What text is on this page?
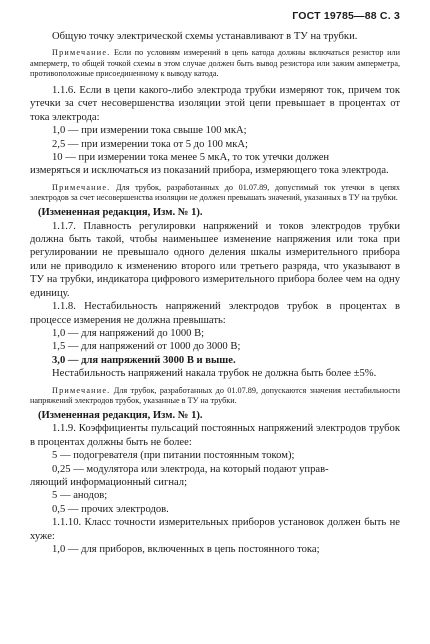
ГОСТ 19785—88 С. 3

Общую точку электрической схемы устанавливают в ТУ на трубки.

Примечание. Если по условиям измерений в цепь катода должны включаться резистор или амперметр, то общей точкой схемы в этом случае должен быть вывод резистора или зажим амперметра, противоположные присоединенному к выводу катода.

1.1.6. Если в цепи какого-либо электрода трубки измеряют ток, причем ток утечки за счет несовершенства изоляции этой цепи превышает в процентах от тока электрода:

1,0 — при измерении тока свыше 100 мкА;

2,5 — при измерении тока от 5 до 100 мкА;

10 — при измерении тока менее 5 мкА, то ток утечки должен

измеряться и исключаться из показаний прибора, измеряющего тока электрода.

Примечание. Для трубок, разработанных до 01.07.89, допустимый ток утечки в цепях электродов за счет несовершенства изоляции не должен превышать значений, указанных в ТУ на трубки.

(Измененная редакция, Изм. № 1).

1.1.7. Плавность регулировки напряжений и токов электродов трубки должна быть такой, чтобы наименьшее изменение напряжения или тока при регулировании не превышало одного деления шкалы измерительного прибора или не приводило к изменению второго или третьего разряда, что указывают в ТУ на трубки, индикатора цифрового измерительного прибора более чем на одну единицу.

1.1.8. Нестабильность напряжений электродов трубок в процентах в процессе измерения не должна превышать:

1,0 — для напряжений до 1000 В;

1,5 — для напряжений от 1000 до 3000 В;

3,0 — для напряжений 3000 В и выше.

Нестабильность напряжений накала трубок не должна быть более ±5%.

Примечание. Для трубок, разработанных до 01.07.89, допускаются значения нестабильности напряжений электродов трубок, указанные в ТУ на трубки.

(Измененная редакция, Изм. № 1).

1.1.9. Коэффициенты пульсаций постоянных напряжений электродов трубок в процентах должны быть не более:

5 — подогревателя (при питании постоянным током);

0,25 — модулятора или электрода, на который подают управ-

ляющий информационный сигнал;

5 — анодов;

0,5 — прочих электродов.

1.1.10. Класс точности измерительных приборов установок должен быть не хуже:

1,0 — для приборов, включенных в цепь постоянного тока;
